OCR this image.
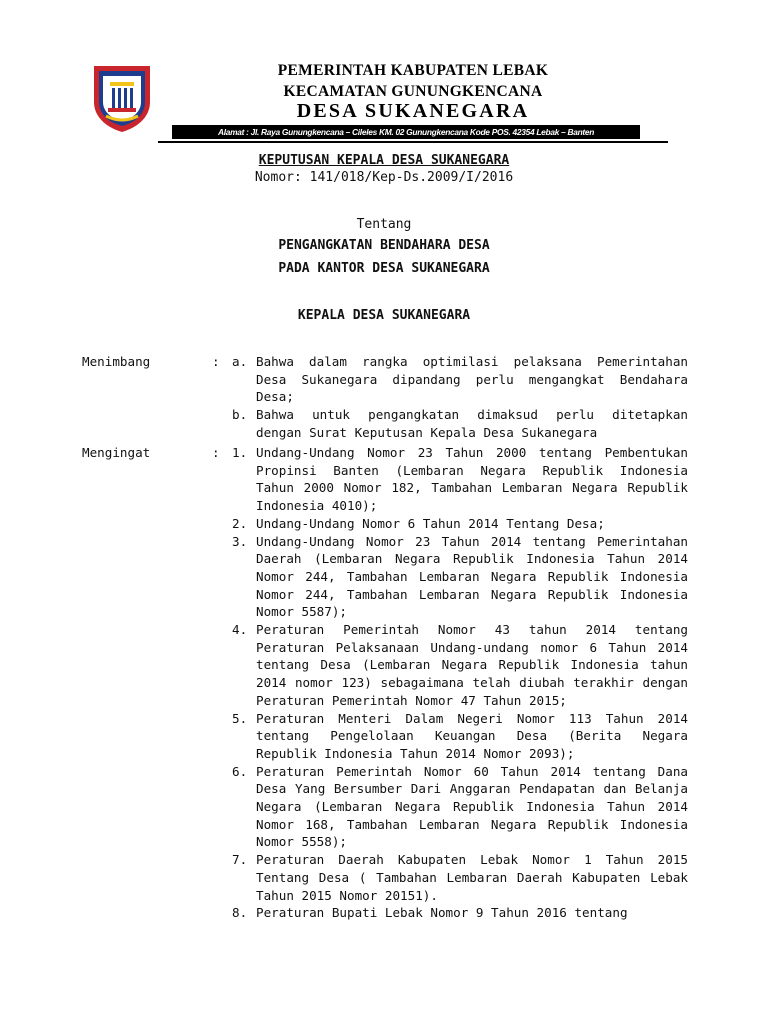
PEMERINTAH KABUPATEN LEBAK
KECAMATAN GUNUNGKENCANA
DESA SUKANEGARA
Alamat : Jl. Raya Gunungkencana – Cileles KM. 02 Gunungkencana Kode POS. 42354 Lebak – Banten
KEPUTUSAN KEPALA DESA SUKANEGARA
Nomor: 141/018/Kep-Ds.2009/I/2016
Tentang
PENGANGKATAN BENDAHARA DESA
PADA KANTOR DESA SUKANEGARA
KEPALA DESA SUKANEGARA
Menimbang	: a. Bahwa dalam rangka optimilasi pelaksana Pemerintahan Desa Sukanegara dipandang perlu mengangkat Bendahara Desa;
b. Bahwa untuk pengangkatan dimaksud perlu ditetapkan dengan Surat Keputusan Kepala Desa Sukanegara
Mengingat	: 1. Undang-Undang Nomor 23 Tahun 2000 tentang Pembentukan Propinsi Banten (Lembaran Negara Republik Indonesia Tahun 2000 Nomor 182, Tambahan Lembaran Negara Republik Indonesia 4010);
2. Undang-Undang Nomor 6 Tahun 2014 Tentang Desa;
3. Undang-Undang Nomor 23 Tahun 2014 tentang Pemerintahan Daerah (Lembaran Negara Republik Indonesia Tahun 2014 Nomor 244, Tambahan Lembaran Negara Republik Indonesia Nomor 244, Tambahan Lembaran Negara Republik Indonesia Nomor 5587);
4. Peraturan Pemerintah Nomor 43 tahun 2014 tentang Peraturan Pelaksanaan Undang-undang nomor 6 Tahun 2014 tentang Desa (Lembaran Negara Republik Indonesia tahun 2014 nomor 123) sebagaimana telah diubah terakhir dengan Peraturan Pemerintah Nomor 47 Tahun 2015;
5. Peraturan Menteri Dalam Negeri Nomor 113 Tahun 2014 tentang Pengelolaan Keuangan Desa (Berita Negara Republik Indonesia Tahun 2014 Nomor 2093);
6. Peraturan Pemerintah Nomor 60 Tahun 2014 tentang Dana Desa Yang Bersumber Dari Anggaran Pendapatan dan Belanja Negara (Lembaran Negara Republik Indonesia Tahun 2014 Nomor 168, Tambahan Lembaran Negara Republik Indonesia Nomor 5558);
7. Peraturan Daerah Kabupaten Lebak Nomor 1 Tahun 2015 Tentang Desa ( Tambahan Lembaran Daerah Kabupaten Lebak Tahun 2015 Nomor 20151).
8. Peraturan Bupati Lebak Nomor 9 Tahun 2016 tentang
